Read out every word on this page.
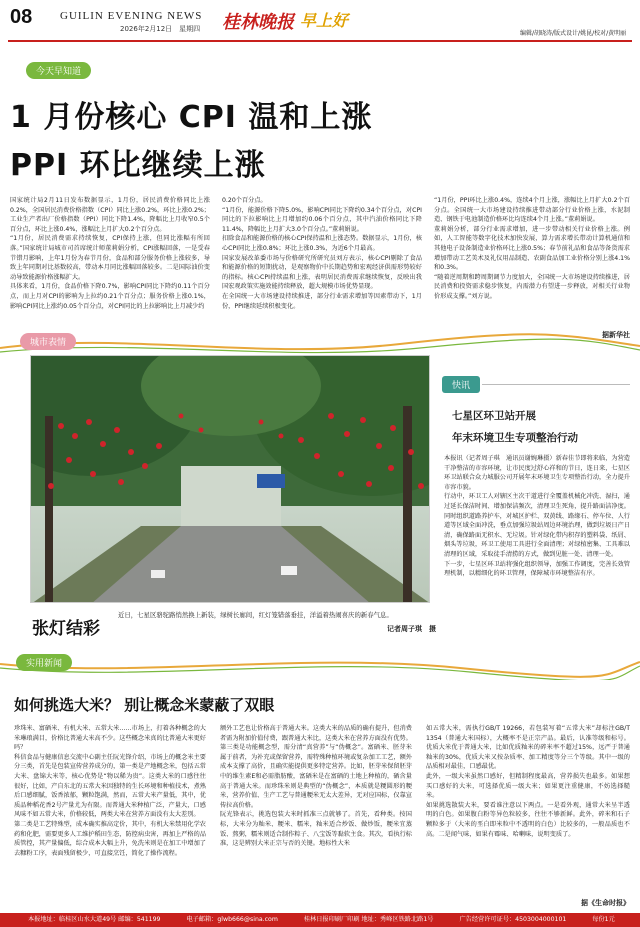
08	GUILIN EVENING NEWS
2026年2月12日　星期四 桂林晚报 早上好
编辑/胡晓涛/版式设计/姚昆/校对/黄明丽
今天早知道
1 月份核心 CPI 温和上涨
PPI 环比继续上涨
国家统计局2月11日发布数据显示，1月份，居民消费价格同比上涨0.2%，全国居民消费价格指数（CPI）同比上涨0.2%，环比上涨0.2%；工业生产者出厂价格指数（PPI）同比下降1.4%，降幅比上月收窄0.5个百分点，环比上涨0.4%，涨幅比上月扩大0.2个百分点。
“1月份，居民消费需求持续恢复，CPI保持上涨，但同比涨幅有所回落。”国家统计局城市司首席统计师董莉娟分析，CPI涨幅回落，一是受春节错月影响，上年1月份为春节月份，食品和部分服务价格上涨较多，导致上年同期对比基数较高，带动本月同比涨幅回落较多。二是国际油价变动导致能源价格涨幅扩大。
具体来看，1月份，食品价格下降0.7%，影响CPI同比下降约0.11个百分点，而上月对CPI的影响为上拉约0.21个百分点；服务价格上涨0.1%，影响CPI同比上涨约0.05个百分点，对CPI同比的上拉影响比上月减少约
0.20个百分点。
“1月份，能源价格下降5.0%，影响CPI同比下降约0.34个百分点，对CPI同比的下拉影响比上月增加约0.06个百分点，其中汽油价格同比下降11.4%，降幅比上月扩大3.0个百分点。”董莉娟说。
扣除食品和能源价格的核心CPI保持温和上涨态势。数据显示，1月份，核心CPI同比上涨0.8%；环比上涨0.3%，为近6个月最高。
国家发展改革委市场与价格研究所研究员刘方表示，核心CPI剔除了食品和能源价格的短期扰动，是观察物价中长期趋势和宏观经济供需形势较好的指标。核心CPI持续温和上涨，表明居民消费需求继续恢复，反映出我国宏观政策实施效能持续释放，超大规模市场优势显现。
在全国统一大市场建设持续推进，部分行业需求增加等因素带动下，1月份，PPI继续延续积极变化。
“1月份，PPI环比上涨0.4%，连续4个月上涨，涨幅比上月扩大0.2个百分点。全国统一大市场建设持续推进带动部分行业价格上涨，水泥制造、钢铁于电池制造价格环比均连续4个月上涨。”董莉娟说。
董莉娟分析，部分行业需求增加，进一步带动相关行业价格上涨。例如，人工智能等数字化技术加快发展，算力需求增长带动计算机通信和其他电子设备制造业价格环比上涨0.5%；春节前礼品和食品等备货需求增加带动工艺美术及礼仪用品制造、农副食品加工业价格分别上涨4.1%和0.3%。
“随着逆周期和跨周期调节力度加大，全国统一大市场建设持续推进，居民消费和投资需求稳步恢复，内需潜力有望进一步释放，对相关行业物价形成支撑。”刘方说。
据新华社
城市表情
张灯结彩
近日，七星区骆驼路悄然换上新装，绿树长廊间，红灯笼错落垂挂，洋溢着热闹喜庆的新春气息。
记者周子琪　摄
快讯
七星区环卫站开展
年末环境卫生专项整治行动
本报讯（记者周子琪　通讯员谢婉琳摄）新春佳节即将来临，为营造干净整洁的市容环境，让市民度过舒心祥和的节日，连日来，七星区环卫站联合众力城服公司开展年末环境卫生专项整治行动，全力提升市容市貌。
行动中，环卫工人对辖区主次干道进行全覆盖机械化冲洗、湿扫，通过延长保洁时间、增加保洁频次，清理卫生死角，提升路面洁净度。同时组织道路养护车，对城区护栏、双黄线、路缘石、停车位、人行道等区域全面冲洗，垂点加强垃圾站周边环境治理，做到垃圾日产日清，确保路面无积水、无垃圾。针对绿化带内积存的塑料袋、纸屑、烟头等垃圾，环卫工使用工具进行全面清理；对绿植密集、工具难以清理的区域，采取徒手清捞的方式，做到见脏一处、清理一处。
下一步，七星区环卫站将强化组织领导，加强工作调度，完善长效管理机制，以精细化的环卫管理，保障城市环境整洁有序。
实用新闻
如何挑选大米？ 别让概念米蒙蔽了双眼
珍珠米、富硒米、有机大米、五常大米……市场上，打着各种概念的大米琳琅满目，价格比普通大米高不少。这些概念米真的比普通大米更好吗？
科信食品与健康信息交流中心副主任阮光锋介绍，市场上的概念米主要分三类，首先是包装宣传营养成分的，第一类是产地概念米，包括五常大米、盘锦大米等，核心优势是“物以稀为贵”。这类大米的口感往往很好，比如，产自东北的五常大米因独特的生长环境和种植技术，煮熟后口感细腻，饭香浓郁，颗粒饱满，然而，五常大米产量低，其中，优质品种稻花香2号产量尤为有限。而普通大米种植广泛，产量大，口感风味不如五常大米，价格较低，两类大米在营养方面没有太大差别。
第二类是工艺特殊型，成本确实推高定价，其中，有机大米禁用化学农药和化肥，需要更多人工维护稻田生态，防控病虫害，再加上严格的品质管控，其产量偏低，综合成本大幅上升，免洗米则是在加工中增加了去糠粉工序，表面残留极少，可直接烹饪，简化了操作流程。
额外工艺也让价格高于普通大米。这类大米的品质的确有提升，但消费者需为附加价值付费，跟普通大米比，这类大米在营养方面没有优势。
第三类是功能概念型，需分清“真营养”与“伪概念”。富硒米、胚芽米属于前者，为补充或保留营养，需特殊种植环境或复杂加工工艺，额外成本支撑了高价，且确实能提供更多特定营养。比如，胚芽米保留胚芽中的维生素E和必需脂肪酸，富硒米是在富硒的土地上种植的，硒含量高于普通大米。而珍珠米则是典型的“伪概念”，本质就是粳圆形的粳米，营养价值、生产工艺与普通粳米无太大差异，无对应国标，仅靠宣传拉高价格。
阮光锋表示，挑选包装大米时抓准三点就够了。首先，看种类。按国标，大米分为籼米、粳米、糯米，籼米适合炒饭、做炒饭，粳米宜蒸饭、熬粥，糯米则适合制作粽子、八宝饭等黏软主食。其次，看执行标准，这是辨别大米正宗与否的关键。地标性大米
如五常大米，需执行GB/T 19266，若包装写着“五常大米”却标注GB/T 1354（普通大米国标），大概率不是正宗产品。最后，认准等级和标号。优质大米优于普通大米，比如优质籼米的碎米率不超过15%，远严于普通籼米的30%，优质大米又按杂质率、加工精度等分三个等级。其中一级的品质相对最佳，口感最优。
此外，一级大米虽然口感好，但精制程度最高，营养损失也最多。如果想买口感好的大米，可选择优质一级大米；如果更注重健康，不妨选择糙米。
如果挑选散装大米，要看谁注意以下两点。一是看外观，通常大米呈半透明的白色。如果腹白粉等异色粒较多，往往不够新鲜。此外，碎米和石子颗粒多于（大米的垩白即米粒中不透明的白色）比较多的，一般品质也不高。二是闻气味，如果有霉味、哈喇味，说明变质了。
据《生命时报》
本报地址：临桂区山水大道49号 邮编：541199	电子邮箱：glwb666@sina.com	桂林日报印刷厂印刷 地址：秀峰区铁路北路1号	广告经营许可证号：4503004000101	每份1元
